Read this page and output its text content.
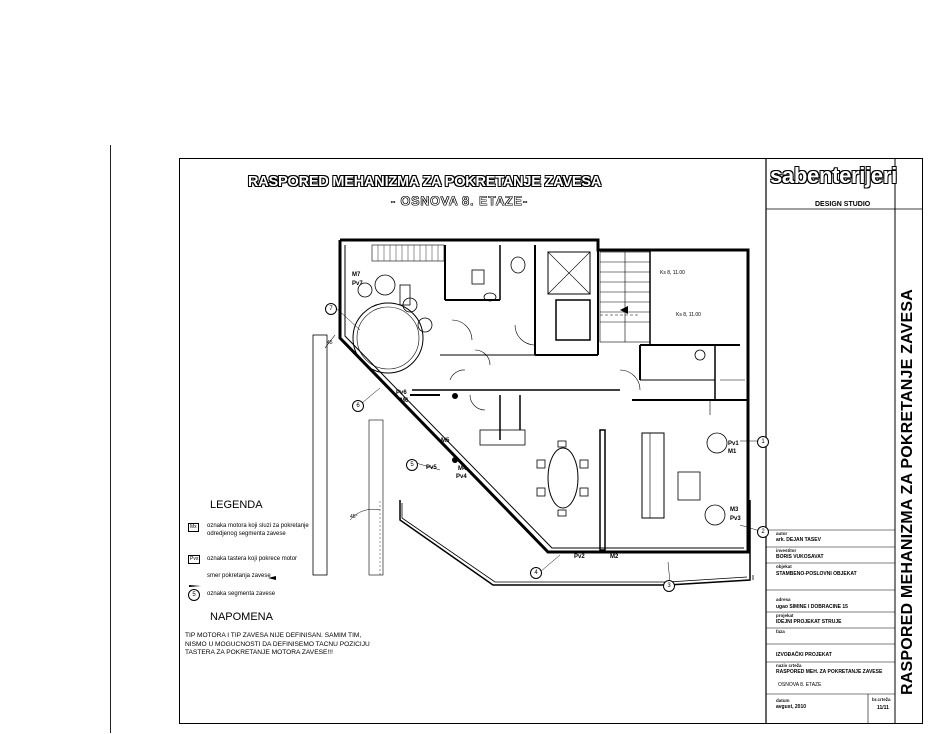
RASPORED MEHANIZMA ZA POKRETANJE ZAVESA
- OSNOVA 8. ETAZE-
sabenterijeri
DESIGN STUDIO
RASPORED MEHANIZMA ZA POKRETANJE ZAVESA
M7
Pv7
Pv6
M6
M5
M4
Pv4
Pv5
M3
Pv3
Pv2	M2
Pv1
M1
1
2
3
4
5
6
7
Ks 8, 11.00
Ks 8, 11.00
45°
45
LEGENDA
Mx	oznaka motora koji sluzi za pokretanje odredjenog segmenta zavese
Pvx	oznaka tastera koji pokrece motor
smer pokretanja zavese
5	oznaka segmenta zavese
NAPOMENA
TIP MOTORA I TIP ZAVESA NIJE DEFINISAN. SAMIM TIM,
NISMO U MOGUCNOSTI DA DEFINISEMO TACNU POZICIJU
TASTERA ZA POKRETANJE MOTORA ZAVESE!!!
autor
ark. DEJAN TASEV
investitor
BORIS VUKOSAVAT
objekat
STAMBENO-POSLOVNI OBJEKAT
adresa
ugao SIMINE I DOBRACINE 15
projekat
IDEJNI PROJEKAT STRUJE
faza
IZVOĐAČKI PROJEKAT
naziv crteža
RASPORED MEH. ZA POKRETANJE ZAVESE
OSNOVA 8. ETAZE
datum
avgust, 2010
br.crteža
11/11
